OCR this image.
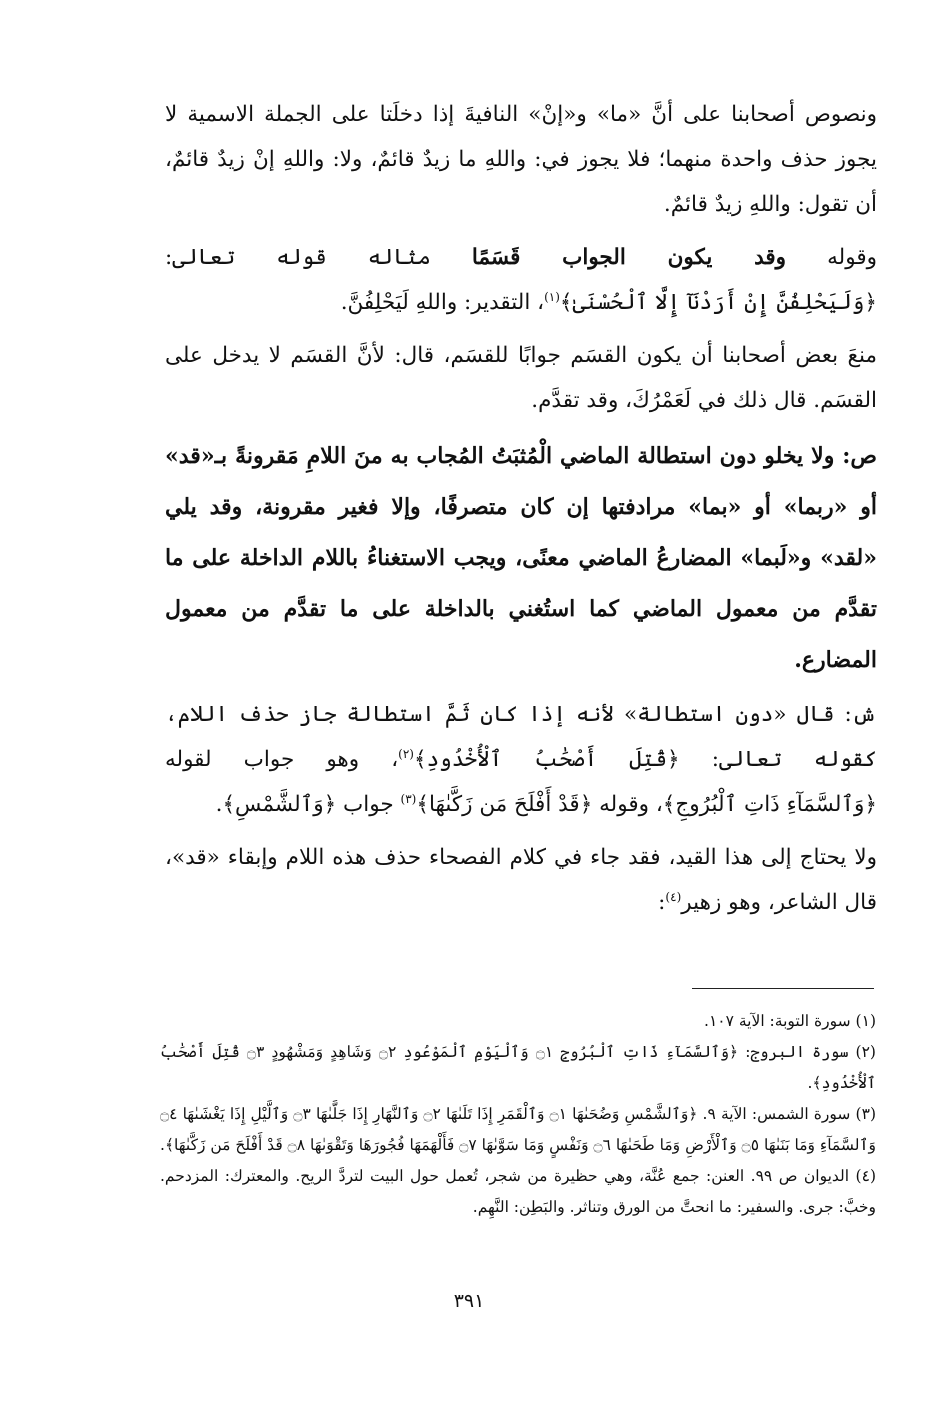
ونصوص أصحابنا على أنَّ «ما» و«إنْ» النافيةَ إذا دخلَتا على الجملة الاسمية لا يجوز حذف واحدة منهما؛ فلا يجوز في: واللهِ ما زيدٌ قائمٌ، ولا: واللهِ إنْ زيدٌ قائمٌ، أن تقول: واللهِ زيدٌ قائمٌ.

وقوله وقد يكون الجواب قَسَمًا مثاله قوله تعالى: ﴿وَلَيَحْلِفُنَّ إِنْ أَرَدْنَآ إِلَّا ٱلْحُسْنَىٰ﴾$^{(١)}$، التقدير: واللهِ لَيَحْلِفُنَّ.

منعَ بعض أصحابنا أن يكون القسَم جوابًا للقسَم، قال: لأنَّ القسَم لا يدخل على القسَم. قال ذلك في لَعَمْرُكَ، وقد تقدَّم.

ص: ولا يخلو دون استطالة الماضي الْمُثبَتُ المُجاب به منَ اللامِ مَقرونةً بـ«قد» أو «ربما» أو «بما» مرادفتها إن كان متصرفًا، وإلا فغير مقرونة، وقد يلي «لقد» و«لَبما» المضارعُ الماضي معنًى، ويجب الاستغناءُ باللام الداخلة على ما تقدَّم من معمول الماضي كما استُغني بالداخلة على ما تقدَّم من معمول المضارع.

ش: قال «دون استطالة» لأنه إذا كان ثَمَّ استطالة جاز حذف اللام، كقوله تعالى: ﴿قُتِلَ أَصْحَٰبُ ٱلْأُخْدُودِ﴾$^{(٢)}$، وهو جواب لقوله ﴿وَٱلسَّمَآءِ ذَاتِ ٱلْبُرُوجِ﴾، وقوله ﴿قَدْ أَفْلَحَ مَن زَكَّىٰهَا﴾$^{(٣)}$ جواب ﴿وَٱلشَّمْسِ﴾.

ولا يحتاج إلى هذا القيد، فقد جاء في كلام الفصحاء حذف هذه اللام وإبقاء «قد»، قال الشاعر، وهو زهير$^{(٤)}$:

(١) سورة التوبة: الآية ١٠٧.

(٢) سورة البروج: ﴿وَٱلسَّمَآءِ ذَاتِ ٱلْبُرُوجِ ۝١ وَٱلْيَوْمِ ٱلْمَوْعُودِ ۝٢ وَشَاهِدٍ وَمَشْهُودٍ ۝٣ قُتِلَ أَصْحَٰبُ ٱلْأُخْدُودِ﴾.

(٣) سورة الشمس: الآية ٩. ﴿وَٱلشَّمْسِ وَضُحَىٰهَا ۝١ وَٱلْقَمَرِ إِذَا تَلَىٰهَا ۝٢ وَٱلنَّهَارِ إِذَا جَلَّىٰهَا ۝٣ وَٱلَّيْلِ إِذَا يَغْشَىٰهَا ۝٤ وَٱلسَّمَآءِ وَمَا بَنَىٰهَا ۝٥ وَٱلْأَرْضِ وَمَا طَحَىٰهَا ۝٦ وَنَفْسٍ وَمَا سَوَّىٰهَا ۝٧ فَأَلْهَمَهَا فُجُورَهَا وَتَقْوَىٰهَا ۝٨ قَدْ أَفْلَحَ مَن زَكَّىٰهَا﴾.

(٤) الديوان ص ٩٩. العنن: جمع عُنَّة، وهي حظيرة من شجر، تُعمل حول البيت لتردَّ الريح. والمعترك: المزدحم. وخبَّ: جرى. والسفير: ما انحتَّ من الورق وتناثر. والبَطِن: النَّهِم.

٣٩١
